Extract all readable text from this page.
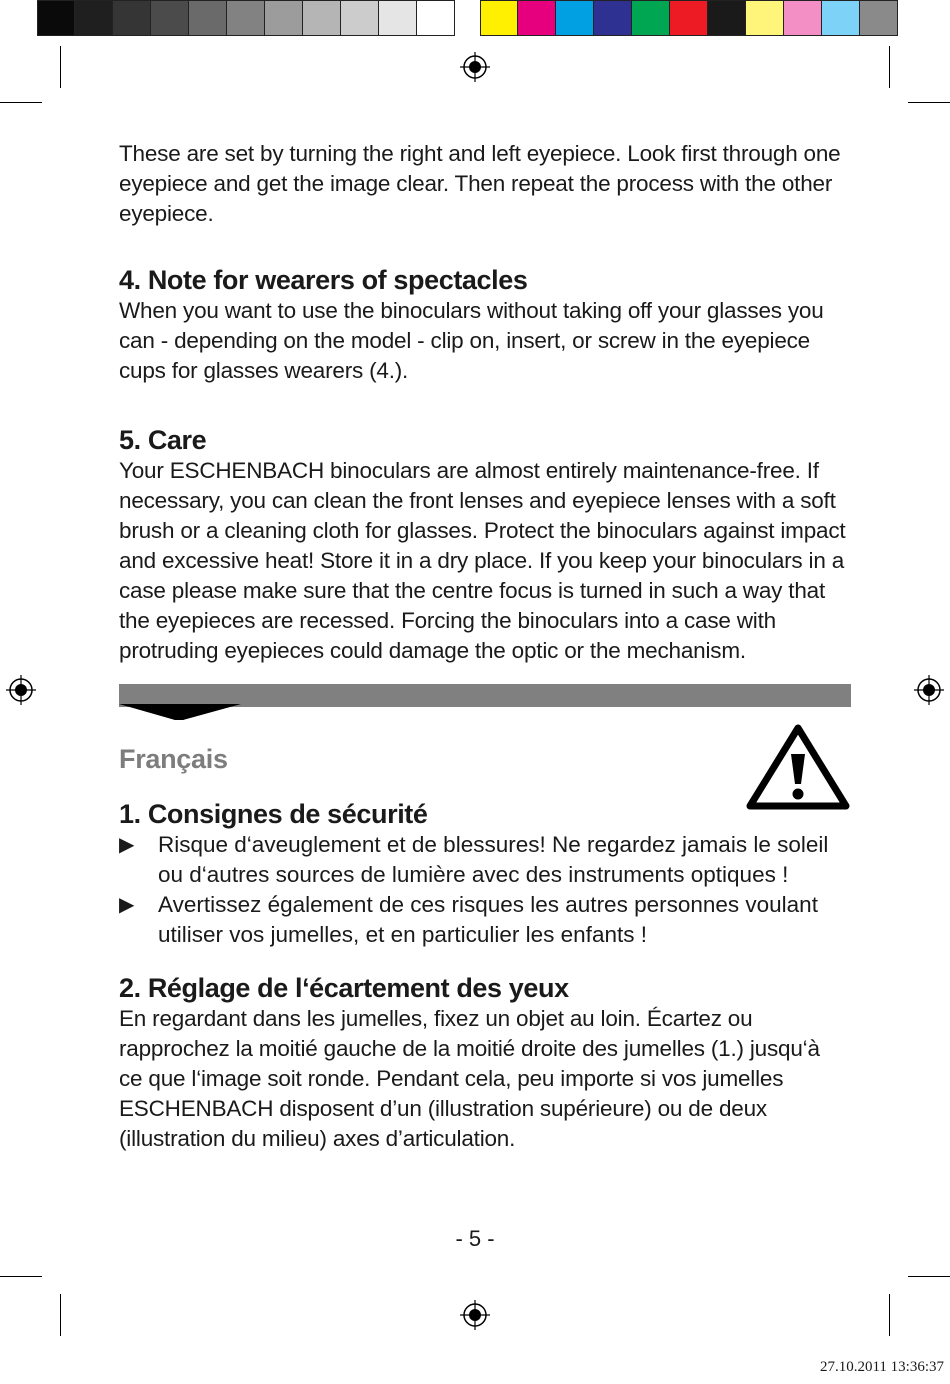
These are set by turning the right and left eyepiece. Look first through one eyepiece and get the image clear. Then repeat the process with the other eyepiece.

4. Note for wearers of spectacles

When you want to use the binoculars without taking off your glasses you can - depending on the model - clip on, insert, or screw in the eyepiece cups for glasses wearers (4.).

5. Care

Your ESCHENBACH binoculars are almost entirely maintenance-free. If necessary, you can clean the front lenses and eyepiece lenses with a soft brush or a cleaning cloth for glasses. Protect the binoculars against impact and excessive heat! Store it in a dry place. If you keep your binoculars in a case please make sure that the centre focus is turned in such a way that the eyepieces are recessed. Forcing the binoculars into a case with protruding eyepieces could damage the optic or the mechanism.

Français
1. Consignes de sécurité
▶	Risque d‘aveuglement et de blessures! Ne regardez jamais le soleil ou d‘autres sources de lumière avec des instruments optiques !
▶	Avertissez également de ces risques les autres personnes voulant utiliser vos jumelles, et en particulier les enfants !
2. Réglage de l‘écartement des yeux

En regardant dans les jumelles, fixez un objet au loin. Écartez ou rapprochez la moitié gauche de la moitié droite des jumelles (1.) jusqu‘à ce que l‘image soit ronde. Pendant cela, peu importe si vos jumelles ESCHENBACH disposent d’un (illustration supérieure) ou de deux (illustration du milieu) axes d’articulation.

- 5 -
27.10.2011 13:36:37
